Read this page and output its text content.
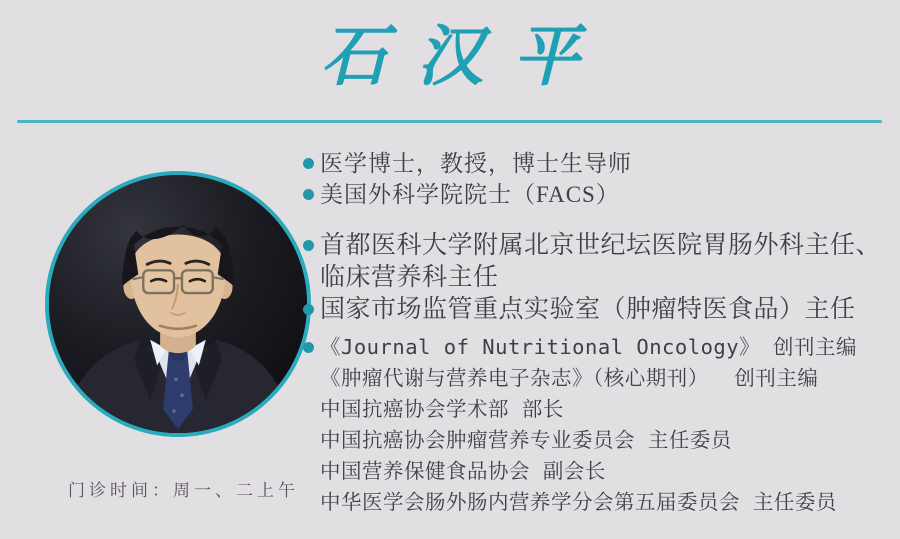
石汉平
医学博士，教授，博士生导师
美国外科学院院士（FACS）
首都医科大学附属北京世纪坛医院胃肠外科主任、临床营养科主任
国家市场监管重点实验室（肿瘤特医食品）主任
《Journal of Nutritional Oncology》 创刊主编
《肿瘤代谢与营养电子杂志》（核心期刊）  创刊主编
中国抗癌协会学术部 部长
中国抗癌协会肿瘤营养专业委员会 主任委员
中国营养保健食品协会 副会长
中华医学会肠外肠内营养学分会第五届委员会 主任委员
门诊时间：周一、二上午
